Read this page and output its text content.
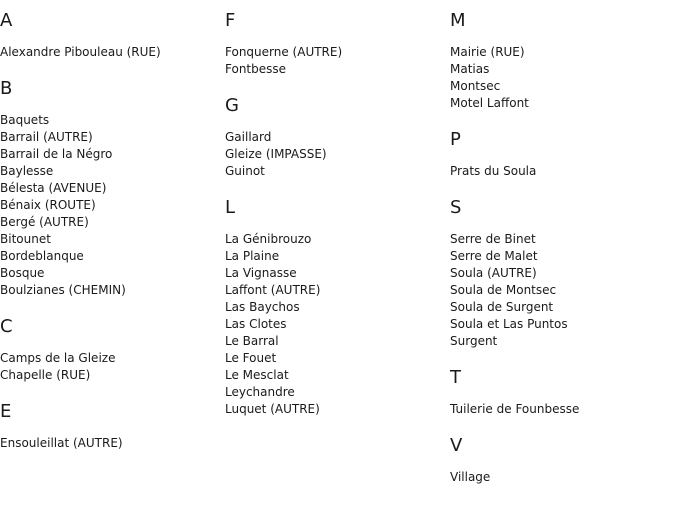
A
Alexandre Pibouleau (RUE)
B
Baquets
Barrail (AUTRE)
Barrail de la Négro
Baylesse
Bélesta (AVENUE)
Bénaix (ROUTE)
Bergé (AUTRE)
Bitounet
Bordeblanque
Bosque
Boulzianes (CHEMIN)
C
Camps de la Gleize
Chapelle (RUE)
E
Ensouleillat (AUTRE)
F
Fonquerne (AUTRE)
Fontbesse
G
Gaillard
Gleize (IMPASSE)
Guinot
L
La Génibrouzo
La Plaine
La Vignasse
Laffont (AUTRE)
Las Baychos
Las Clotes
Le Barral
Le Fouet
Le Mesclat
Leychandre
Luquet (AUTRE)
M
Mairie (RUE)
Matias
Montsec
Motel Laffont
P
Prats du Soula
S
Serre de Binet
Serre de Malet
Soula (AUTRE)
Soula de Montsec
Soula de Surgent
Soula et Las Puntos
Surgent
T
Tuilerie de Founbesse
V
Village
